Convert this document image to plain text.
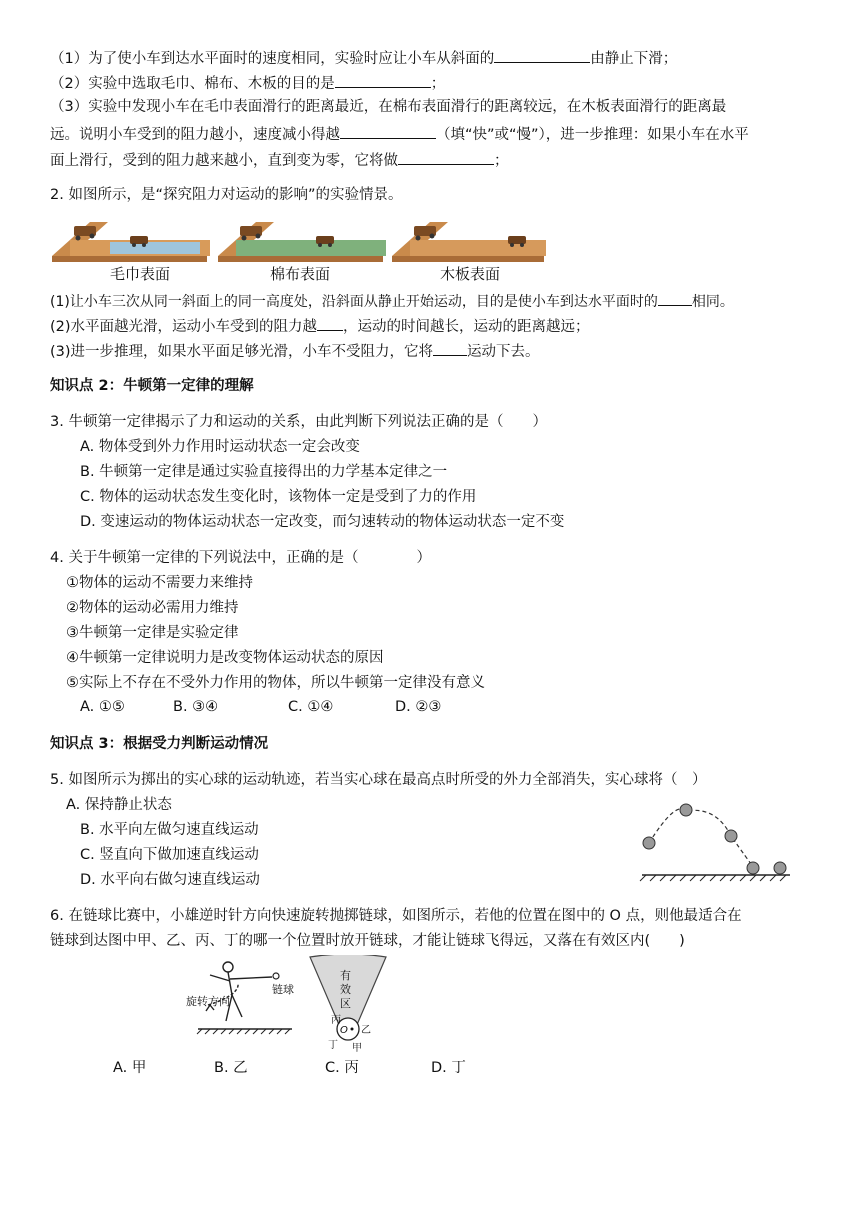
（1）为了使小车到达水平面时的速度相同，实验时应让小车从斜面的	由静止下滑；
（2）实验中选取毛巾、棉布、木板的目的是	；
（3）实验中发现小车在毛巾表面滑行的距离最近，在棉布表面滑行的距离较远，在木板表面滑行的距离最
远。说明小车受到的阻力越小，速度减小得越	（填“快”或“慢”），进一步推理：如果小车在水平
面上滑行，受到的阻力越来越小，直到变为零，它将做	；
2. 如图所示，是“探究阻力对运动的影响”的实验情景。
毛巾表面	棉布表面	木板表面
(1)让小车三次从同一斜面上的同一高度处，沿斜面从静止开始运动，目的是使小车到达水平面时的 相同。
(2)水平面越光滑，运动小车受到的阻力越 ，运动的时间越长，运动的距离越远；
(3)进一步推理，如果水平面足够光滑，小车不受阻力，它将 运动下去。
知识点 2：牛顿第一定律的理解
3. 牛顿第一定律揭示了力和运动的关系，由此判断下列说法正确的是（　　）
A. 物体受到外力作用时运动状态一定会改变
B. 牛顿第一定律是通过实验直接得出的力学基本定律之一
C. 物体的运动状态发生变化时，该物体一定是受到了力的作用
D. 变速运动的物体运动状态一定改变，而匀速转动的物体运动状态一定不变
4. 关于牛顿第一定律的下列说法中，正确的是（　　　　）
①物体的运动不需要力来维持
②物体的运动必需用力维持
③牛顿第一定律是实验定律
④牛顿第一定律说明力是改变物体运动状态的原因
⑤实际上不存在不受外力作用的物体，所以牛顿第一定律没有意义
A. ①⑤	B. ③④	C. ①④	D. ②③
知识点 3：根据受力判断运动情况
5. 如图所示为掷出的实心球的运动轨迹，若当实心球在最高点时所受的外力全部消失，实心球将（　）
A. 保持静止状态
B. 水平向左做匀速直线运动
C. 竖直向下做加速直线运动
D. 水平向右做匀速直线运动
6. 在链球比赛中，小雄逆时针方向快速旋转抛掷链球，如图所示，若他的位置在图中的 O 点，则他最适合在
链球到达图中甲、乙、丙、丁的哪一个位置时放开链球，才能让链球飞得远，又落在有效区内(　　)
链球
旋转方向
有
效
区
O
丙
乙
丁 甲
A. 甲	B. 乙	C. 丙	D. 丁
